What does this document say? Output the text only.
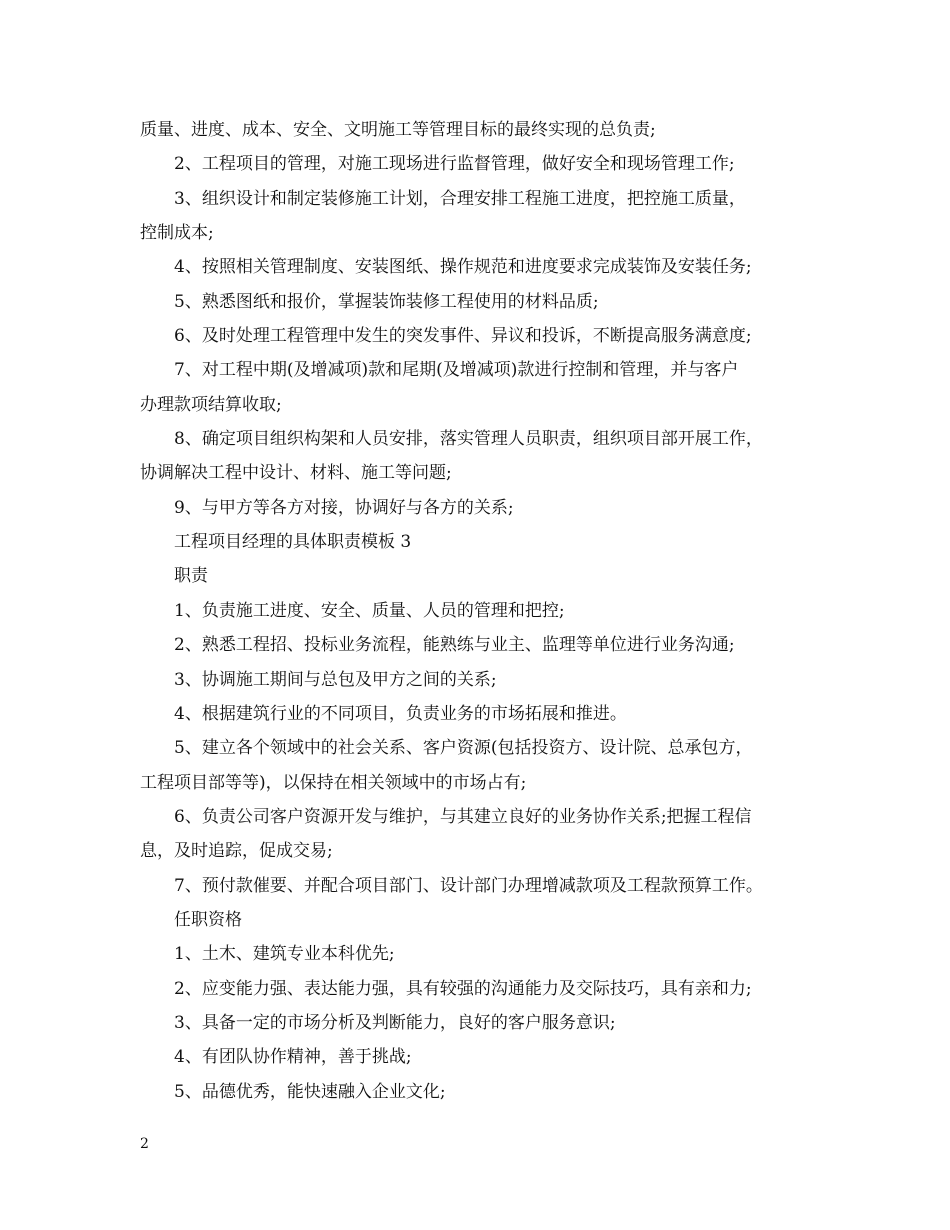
质量、进度、成本、安全、文明施工等管理目标的最终实现的总负责;
2、工程项目的管理，对施工现场进行监督管理，做好安全和现场管理工作;
3、组织设计和制定装修施工计划，合理安排工程施工进度，把控施工质量，
控制成本;
4、按照相关管理制度、安装图纸、操作规范和进度要求完成装饰及安装任务;
5、熟悉图纸和报价，掌握装饰装修工程使用的材料品质;
6、及时处理工程管理中发生的突发事件、异议和投诉，不断提高服务满意度;
7、对工程中期(及增减项)款和尾期(及增减项)款进行控制和管理，并与客户
办理款项结算收取;
8、确定项目组织构架和人员安排，落实管理人员职责，组织项目部开展工作，
协调解决工程中设计、材料、施工等问题;
9、与甲方等各方对接，协调好与各方的关系;
工程项目经理的具体职责模板 3
职责
1、负责施工进度、安全、质量、人员的管理和把控;
2、熟悉工程招、投标业务流程，能熟练与业主、监理等单位进行业务沟通;
3、协调施工期间与总包及甲方之间的关系;
4、根据建筑行业的不同项目，负责业务的市场拓展和推进。
5、建立各个领域中的社会关系、客户资源(包括投资方、设计院、总承包方，
工程项目部等等)，以保持在相关领域中的市场占有;
6、负责公司客户资源开发与维护，与其建立良好的业务协作关系;把握工程信
息，及时追踪，促成交易;
7、预付款催要、并配合项目部门、设计部门办理增减款项及工程款预算工作。
任职资格
1、土木、建筑专业本科优先;
2、应变能力强、表达能力强，具有较强的沟通能力及交际技巧，具有亲和力;
3、具备一定的市场分析及判断能力，良好的客户服务意识;
4、有团队协作精神，善于挑战;
5、品德优秀，能快速融入企业文化;
2
